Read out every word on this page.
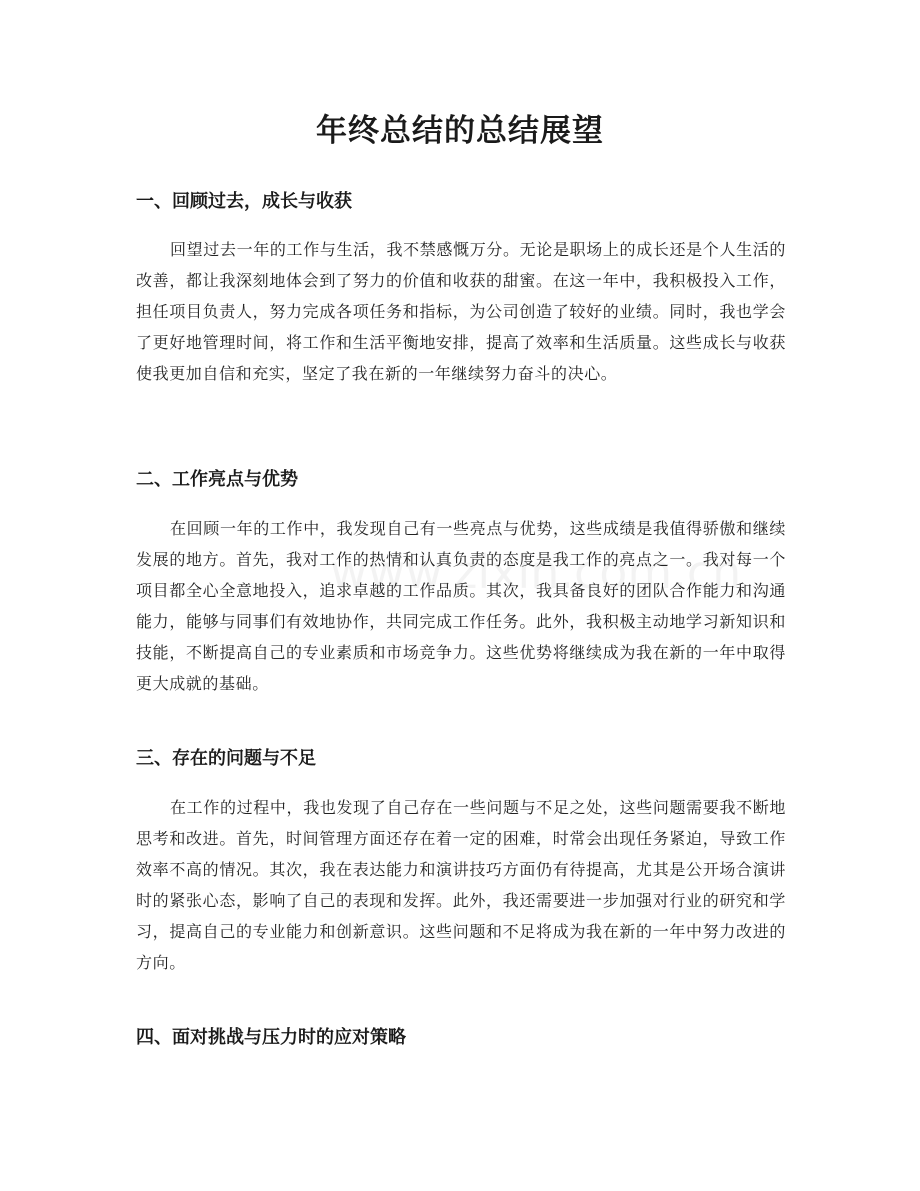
年终总结的总结展望
一、回顾过去，成长与收获

回望过去一年的工作与生活，我不禁感慨万分。无论是职场上的成长还是个人生活的改善，都让我深刻地体会到了努力的价值和收获的甜蜜。在这一年中，我积极投入工作，担任项目负责人，努力完成各项任务和指标，为公司创造了较好的业绩。同时，我也学会了更好地管理时间，将工作和生活平衡地安排，提高了效率和生活质量。这些成长与收获使我更加自信和充实，坚定了我在新的一年继续努力奋斗的决心。

二、工作亮点与优势

在回顾一年的工作中，我发现自己有一些亮点与优势，这些成绩是我值得骄傲和继续发展的地方。首先，我对工作的热情和认真负责的态度是我工作的亮点之一。我对每一个项目都全心全意地投入，追求卓越的工作品质。其次，我具备良好的团队合作能力和沟通能力，能够与同事们有效地协作，共同完成工作任务。此外，我积极主动地学习新知识和技能，不断提高自己的专业素质和市场竞争力。这些优势将继续成为我在新的一年中取得更大成就的基础。

三、存在的问题与不足

在工作的过程中，我也发现了自己存在一些问题与不足之处，这些问题需要我不断地思考和改进。首先，时间管理方面还存在着一定的困难，时常会出现任务紧迫，导致工作效率不高的情况。其次，我在表达能力和演讲技巧方面仍有待提高，尤其是公开场合演讲时的紧张心态，影响了自己的表现和发挥。此外，我还需要进一步加强对行业的研究和学习，提高自己的专业能力和创新意识。这些问题和不足将成为我在新的一年中努力改进的方向。

四、面对挑战与压力时的应对策略
